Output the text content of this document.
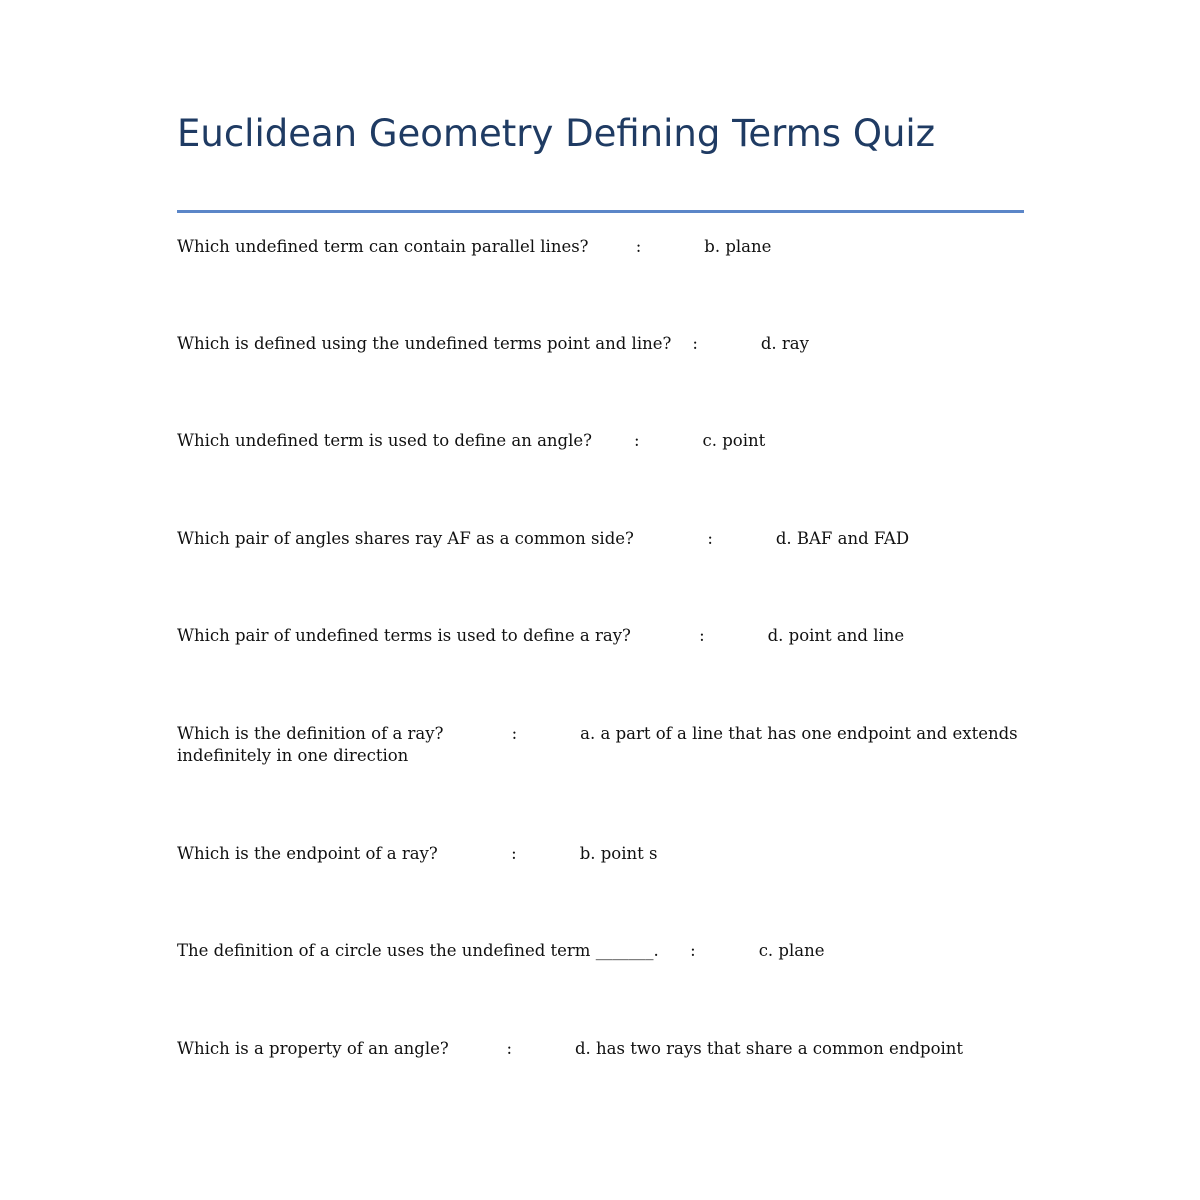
Euclidean Geometry Defining Terms Quiz

Which undefined term can contain parallel lines?	:	b. plane

Which is defined using the undefined terms point and line? :	d. ray

Which undefined term is used to define an angle?	:	c. point

Which pair of angles shares ray AF as a common side?	:	d. BAF and FAD

Which pair of undefined terms is used to define a ray?	:	d. point and line

Which is the definition of a ray?	:	a. a part of a line that has one endpoint and extends indefinitely in one direction

Which is the endpoint of a ray?	:	b. point s

The definition of a circle uses the undefined term _______. :	c. plane

Which is a property of an angle?	:	d. has two rays that share a common endpoint
